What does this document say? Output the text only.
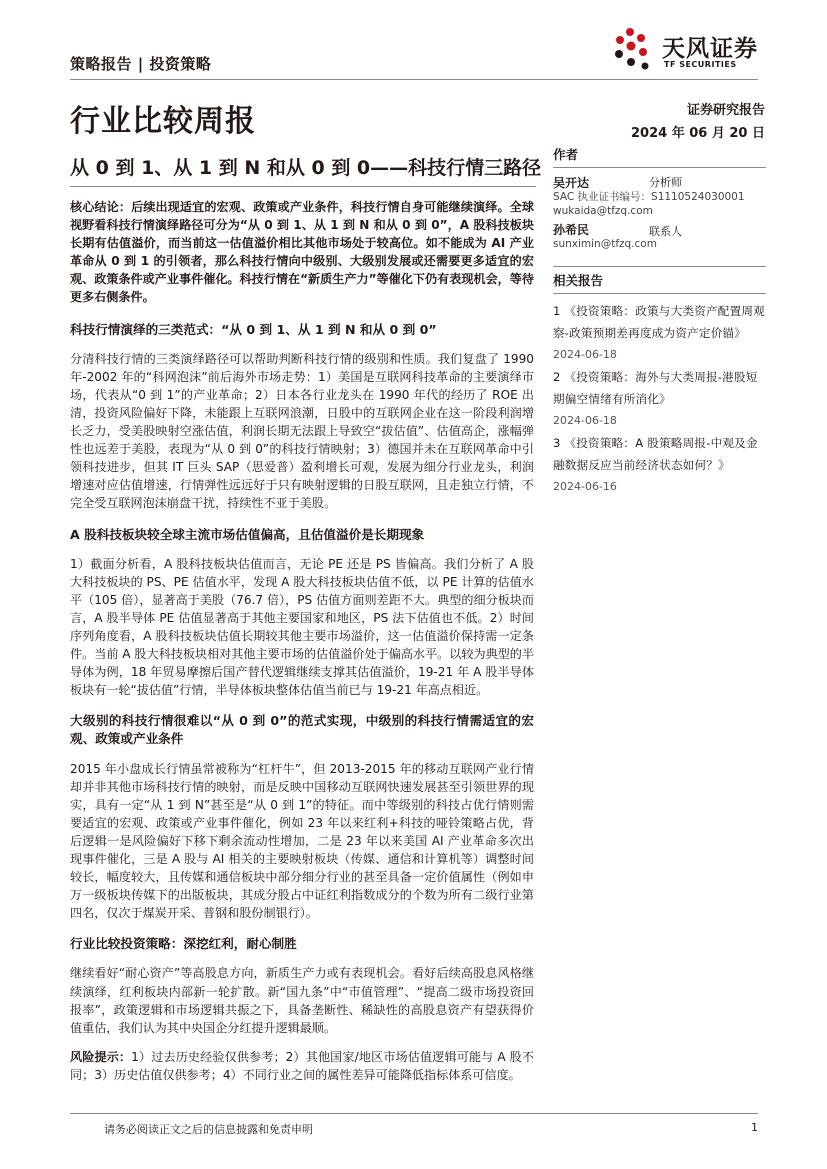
策略报告 | 投资策略
天风证券
TF SECURITIES
行业比较周报	证券研究报告
2024 年 06 月 20 日
从 0 到 1、从 1 到 N 和从 0 到 0——科技行情三路径

核心结论：后续出现适宜的宏观、政策或产业条件，科技行情自身可能继续演绎。全球视野看科技行情演绎路径可分为“从 0 到 1、从 1 到 N 和从 0 到 0”，A 股科技板块长期有估值溢价，而当前这一估值溢价相比其他市场处于较高位。如不能成为 AI 产业革命从 0 到 1 的引领者，那么科技行情向中级别、大级别发展或还需要更多适宜的宏观、政策条件或产业事件催化。科技行情在“新质生产力”等催化下仍有表现机会，等待更多右侧条件。

科技行情演绎的三类范式：“从 0 到 1、从 1 到 N 和从 0 到 0”

分清科技行情的三类演绎路径可以帮助判断科技行情的级别和性质。我们复盘了 1990 年-2002 年的“科网泡沫”前后海外市场走势：1）美国是互联网科技革命的主要演绎市场，代表从“0 到 1”的产业革命；2）日本各行业龙头在 1990 年代的经历了 ROE 出清，投资风险偏好下降，未能跟上互联网浪潮，日股中的互联网企业在这一阶段利润增长乏力，受美股映射空涨估值，利润长期无法跟上导致空“拔估值”、估值高企，涨幅弹性也远差于美股，表现为“从 0 到 0”的科技行情映射；3）德国并未在互联网革命中引领科技进步，但其 IT 巨头 SAP（思爱普）盈利增长可观，发展为细分行业龙头，利润增速对应估值增速，行情弹性远远好于只有映射逻辑的日股互联网，且走独立行情，不完全受互联网泡沫崩盘干扰，持续性不亚于美股。

A 股科技板块较全球主流市场估值偏高，且估值溢价是长期现象

1）截面分析看，A 股科技板块估值而言，无论 PE 还是 PS 皆偏高。我们分析了 A 股大科技板块的 PS、PE 估值水平，发现 A 股大科技板块估值不低，以 PE 计算的估值水平（105 倍），显著高于美股（76.7 倍），PS 估值方面则差距不大。典型的细分板块而言，A 股半导体 PE 估值显著高于其他主要国家和地区，PS 法下估值也不低。2）时间序列角度看，A 股科技板块估值长期较其他主要市场溢价，这一估值溢价保持需一定条件。当前 A 股大科技板块相对其他主要市场的估值溢价处于偏高水平。以较为典型的半导体为例，18 年贸易摩擦后国产替代逻辑继续支撑其估值溢价，19-21 年 A 股半导体板块有一轮“拔估值”行情，半导体板块整体估值当前已与 19-21 年高点相近。

大级别的科技行情很难以“从 0 到 0”的范式实现，中级别的科技行情需适宜的宏观、政策或产业条件

2015 年小盘成长行情虽常被称为“杠杆牛”，但 2013-2015 年的移动互联网产业行情却并非其他市场科技行情的映射，而是反映中国移动互联网快速发展甚至引领世界的现实，具有一定“从 1 到 N”甚至是“从 0 到 1”的特征。而中等级别的科技占优行情则需要适宜的宏观、政策或产业事件催化，例如 23 年以来红利+科技的哑铃策略占优，背后逻辑一是风险偏好下移下剩余流动性增加，二是 23 年以来美国 AI 产业革命多次出现事件催化，三是 A 股与 AI 相关的主要映射板块（传媒、通信和计算机等）调整时间较长，幅度较大，且传媒和通信板块中部分细分行业的甚至具备一定价值属性（例如申万一级板块传媒下的出版板块，其成分股占中证红利指数成分的个数为所有二级行业第四名，仅次于煤炭开采、普钢和股份制银行）。

行业比较投资策略：深挖红利，耐心制胜

继续看好“耐心资产”等高股息方向，新质生产力或有表现机会。看好后续高股息风格继续演绎，红利板块内部新一轮扩散。新“国九条”中“市值管理”、“提高二级市场投资回报率”，政策逻辑和市场逻辑共振之下，具备垄断性、稀缺性的高股息资产有望获得价值重估，我们认为其中央国企分红提升逻辑最顺。

风险提示：1）过去历史经验仅供参考；2）其他国家/地区市场估值逻辑可能与 A 股不同；3）历史估值仅供参考；4）不同行业之间的属性差异可能降低指标体系可信度。

作者
吴开达	分析师
SAC 执业证书编号：S1110524030001
wukaida@tfzq.com
孙希民	联系人
sunximin@tfzq.com
相关报告
1 《投资策略：政策与大类资产配置周观察-政策预期差再度成为资产定价锚》
2024-06-18
2 《投资策略：海外与大类周报-港股短期偏空情绪有所消化》
2024-06-18
3 《投资策略：A 股策略周报-中观及金融数据反应当前经济状态如何？》
2024-06-16
请务必阅读正文之后的信息披露和免责申明	1
